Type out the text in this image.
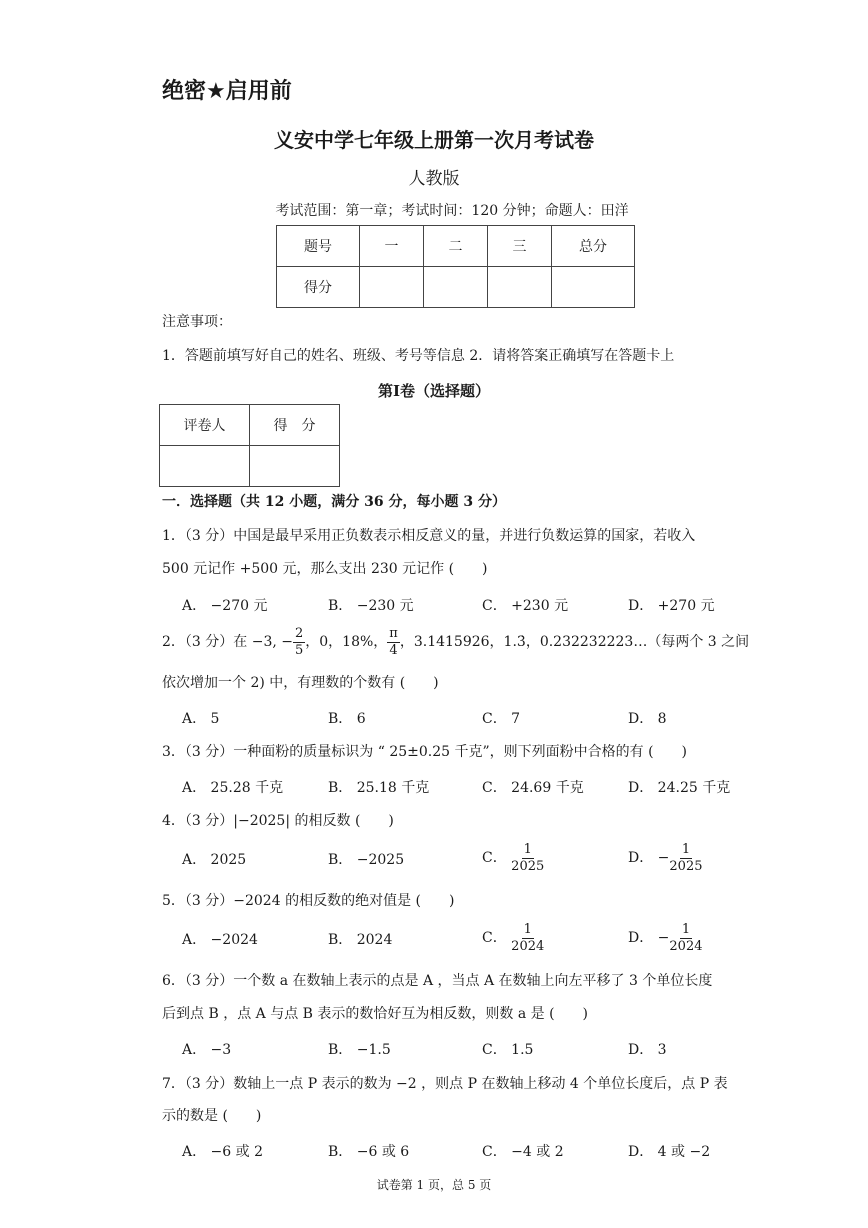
绝密★启用前
义安中学七年级上册第一次月考试卷
人教版
考试范围：第一章；考试时间：120 分钟；命题人：田洋
题号	一	二	三	总分
得分				
注意事项：
1．答题前填写好自己的姓名、班级、考号等信息 2．请将答案正确填写在答题卡上
第Ⅰ卷（选择题）
评卷人	得　分

一．选择题（共 12 小题，满分 36 分，每小题 3 分）
1．（3 分）中国是最早采用正负数表示相反意义的量，并进行负数运算的国家，若收入
500 元记作 +500 元，那么支出 230 元记作 (　　)
A． −270 元	B． −230 元	C． +230 元	D． +270 元
2．（3 分）在 −3, − $\frac{2}{5}$ ，0，18%， $\frac{\pi}{4}$ ，3.1415926，1.3̇，0.232232223…（每两个 3 之间
依次增加一个 2) 中，有理数的个数有 (　　)
A． 5	B． 6	C． 7	D． 8
3．（3 分）一种面粉的质量标识为 “ 25±0.25 千克”，则下列面粉中合格的有 (　　)
A． 25.28 千克	B． 25.18 千克	C． 24.69 千克	D． 24.25 千克
4．（3 分）|−2025| 的相反数 (　　)
A． 2025	B． −2025	C． $\frac{1}{2025}$	D． − $\frac{1}{2025}$
5．（3 分）−2024 的相反数的绝对值是 (　　)
A． −2024	B． 2024	C． $\frac{1}{2024}$	D． − $\frac{1}{2024}$
6．（3 分）一个数 a 在数轴上表示的点是 A ，当点 A 在数轴上向左平移了 3 个单位长度
后到点 B ，点 A 与点 B 表示的数恰好互为相反数，则数 a 是 (　　)
A． −3	B． −1.5	C． 1.5	D． 3
7．（3 分）数轴上一点 P 表示的数为 −2 ，则点 P 在数轴上移动 4 个单位长度后，点 P 表
示的数是 (　　)
A． −6 或 2	B． −6 或 6	C． −4 或 2	D． 4 或 −2
试卷第 1 页，总 5 页
